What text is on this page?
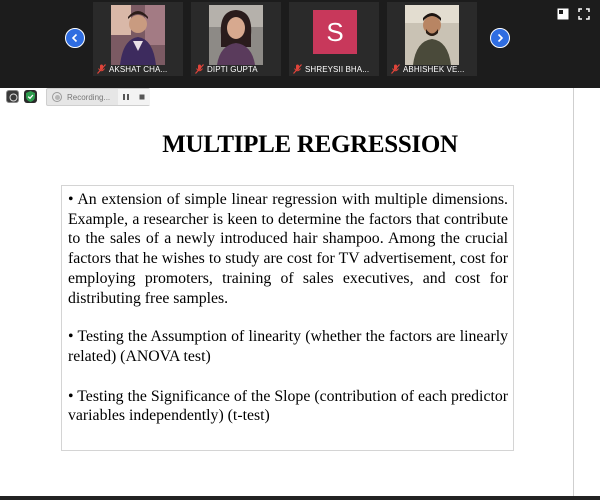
AKSHAT CHA...	DIPTI GUPTA
S
SHREYSII BHA...	ABHISHEK VE...
Recording...
MULTIPLE REGRESSION

• An extension of simple linear regression with multiple dimensions. Example, a researcher is keen to determine the factors that contribute to the sales of a newly introduced hair shampoo. Among the crucial factors that he wishes to study are cost for TV advertisement, cost for employing promoters, training of sales executives, and cost for distributing free samples.

• Testing the Assumption of linearity (whether the factors are linearly related) (ANOVA test)

• Testing the Significance of the Slope (contribution of each predictor variables independently) (t-test)
